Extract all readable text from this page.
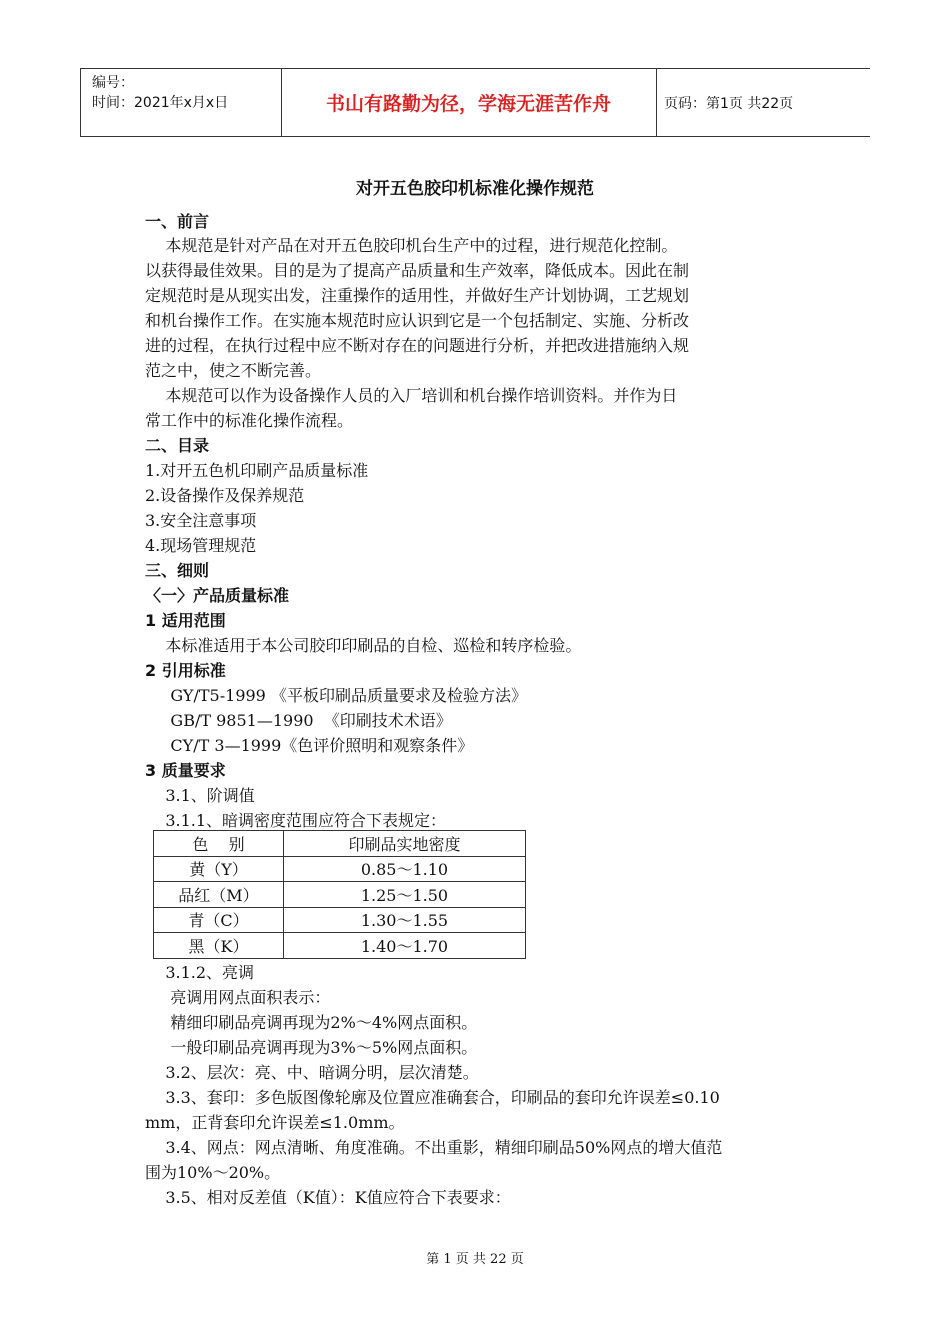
编号：
时间：2021年x月x日	书山有路勤为径，学海无涯苦作舟	页码：第1页 共22页
对开五色胶印机标准化操作规范
一、前言
本规范是针对产品在对开五色胶印机台生产中的过程，进行规范化控制。
以获得最佳效果。目的是为了提高产品质量和生产效率，降低成本。因此在制
定规范时是从现实出发，注重操作的适用性，并做好生产计划协调，工艺规划
和机台操作工作。在实施本规范时应认识到它是一个包括制定、实施、分析改
进的过程，在执行过程中应不断对存在的问题进行分析，并把改进措施纳入规
范之中，使之不断完善。
本规范可以作为设备操作人员的入厂培训和机台操作培训资料。并作为日
常工作中的标准化操作流程。
二、目录
1.对开五色机印刷产品质量标准
2.设备操作及保养规范
3.安全注意事项
4.现场管理规范
三、细则
〈一〉产品质量标准
1 适用范围
本标准适用于本公司胶印印刷品的自检、巡检和转序检验。
2 引用标准
GY/T5-1999 《平板印刷品质量要求及检验方法》
GB/T 9851—1990  《印刷技术术语》
CY/T 3—1999《色评价照明和观察条件》
3 质量要求
3.1、阶调值
3.1.1、暗调密度范围应符合下表规定：
3.1.2、亮调
亮调用网点面积表示：
精细印刷品亮调再现为2%～4%网点面积。
一般印刷品亮调再现为3%～5%网点面积。
3.2、层次：亮、中、暗调分明，层次清楚。
3.3、套印：多色版图像轮廓及位置应准确套合，印刷品的套印允许误差≤0.10
mm，正背套印允许误差≤1.0mm。
3.4、网点：网点清晰、角度准确。不出重影，精细印刷品50%网点的增大值范
围为10%～20%。
3.5、相对反差值（K值）：K值应符合下表要求：
色    别	印刷品实地密度
黄（Y）	0.85～1.10
品红（M）	1.25～1.50
青（C）	1.30～1.55
黑（K）	1.40～1.70
第 1 页 共 22 页
